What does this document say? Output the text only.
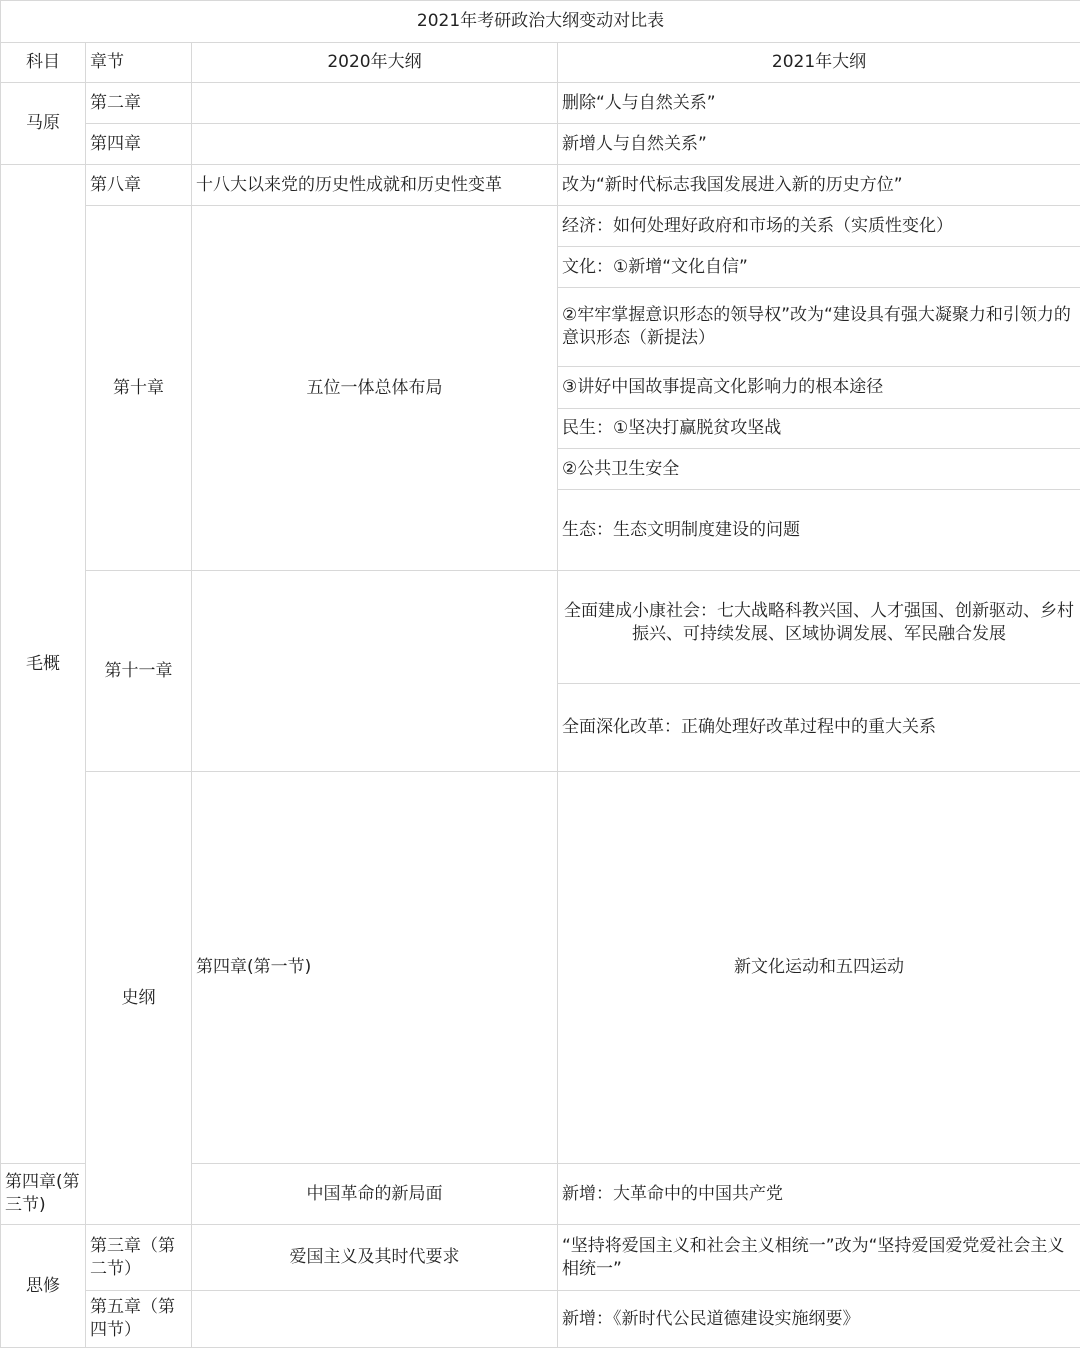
2021年考研政治大纲变动对比表				
科目	章节	2020年大纲	2021年大纲	
马原	第二章		删除“人与自然关系”	
	第四章		新增人与自然关系”	
毛概	第八章	十八大以来党的历史性成就和历史性变革	改为“新时代标志我国发展进入新的历史方位”	
	第十章	五位一体总体布局	经济：如何处理好政府和市场的关系（实质性变化）	
			文化：①新增“文化自信”	
			②牢牢掌握意识形态的领导权”改为“建设具有强大凝聚力和引领力的意识形态（新提法）	
			③讲好中国故事提高文化影响力的根本途径	
			民生：①坚决打赢脱贫攻坚战	
			②公共卫生安全	
			生态：生态文明制度建设的问题	
	第十一章		全面建成小康社会：七大战略科教兴国、人才强国、创新驱动、乡村振兴、可持续发展、区域协调发展、军民融合发展	
			全面深化改革：正确处理好改革过程中的重大关系	
	史纲	第四章(第一节)	新文化运动和五四运动	
第四章(第三节)		中国革命的新局面	新增：大革命中的中国共产党	
思修	第三章（第二节）	爱国主义及其时代要求	“坚持将爱国主义和社会主义相统一”改为“坚持爱国爱党爱社会主义相统一”	
	第五章（第四节）		新增：《新时代公民道德建设实施纲要》	
